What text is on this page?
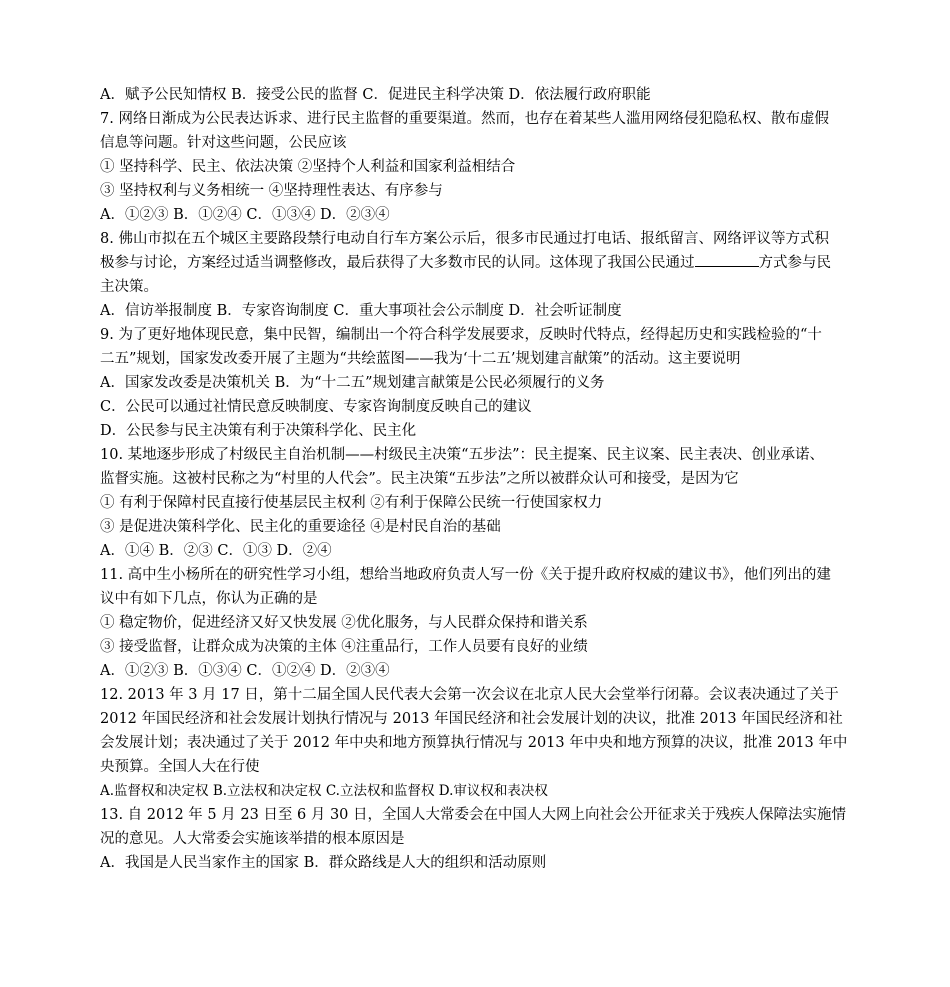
A．赋予公民知情权 B．接受公民的监督 C．促进民主科学决策 D．依法履行政府职能
7. 网络日渐成为公民表达诉求、进行民主监督的重要渠道。然而，也存在着某些人滥用网络侵犯隐私权、散布虚假
信息等问题。针对这些问题，公民应该
① 坚持科学、民主、依法决策 ②坚持个人利益和国家利益相结合
③ 坚持权利与义务相统一 ④坚持理性表达、有序参与
A．①②③ B．①②④ C．①③④ D．②③④
8. 佛山市拟在五个城区主要路段禁行电动自行车方案公示后，很多市民通过打电话、报纸留言、网络评议等方式积
极参与讨论，方案经过适当调整修改，最后获得了大多数市民的认同。这体现了我国公民通过	方式参与民
主决策。
A．信访举报制度 B．专家咨询制度 C．重大事项社会公示制度 D．社会听证制度
9. 为了更好地体现民意，集中民智，编制出一个符合科学发展要求，反映时代特点，经得起历史和实践检验的“十
二五”规划，国家发改委开展了主题为“共绘蓝图——我为‘十二五’规划建言献策”的活动。这主要说明
A．国家发改委是决策机关 B．为“十二五”规划建言献策是公民必须履行的义务
C．公民可以通过社情民意反映制度、专家咨询制度反映自己的建议
D．公民参与民主决策有利于决策科学化、民主化
10. 某地逐步形成了村级民主自治机制——村级民主决策“五步法”：民主提案、民主议案、民主表决、创业承诺、
监督实施。这被村民称之为“村里的人代会”。民主决策“五步法”之所以被群众认可和接受，是因为它
① 有利于保障村民直接行使基层民主权利 ②有利于保障公民统一行使国家权力
③ 是促进决策科学化、民主化的重要途径 ④是村民自治的基础
A．①④ B．②③ C．①③ D．②④
11. 高中生小杨所在的研究性学习小组，想给当地政府负责人写一份《关于提升政府权威的建议书》，他们列出的建
议中有如下几点，你认为正确的是
① 稳定物价，促进经济又好又快发展 ②优化服务，与人民群众保持和谐关系
③ 接受监督，让群众成为决策的主体 ④注重品行，工作人员要有良好的业绩
A．①②③ B．①③④ C．①②④ D．②③④
12. 2013 年 3 月 17 日，第十二届全国人民代表大会第一次会议在北京人民大会堂举行闭幕。会议表决通过了关于
2012 年国民经济和社会发展计划执行情况与 2013 年国民经济和社会发展计划的决议，批准 2013 年国民经济和社
会发展计划；表决通过了关于 2012 年中央和地方预算执行情况与 2013 年中央和地方预算的决议，批准 2013 年中
央预算。全国人大在行使
A.监督权和决定权 B.立法权和决定权 C.立法权和监督权 D.审议权和表决权
13. 自 2012 年 5 月 23 日至 6 月 30 日，全国人大常委会在中国人大网上向社会公开征求关于残疾人保障法实施情
况的意见。人大常委会实施该举措的根本原因是
A．我国是人民当家作主的国家 B．群众路线是人大的组织和活动原则
